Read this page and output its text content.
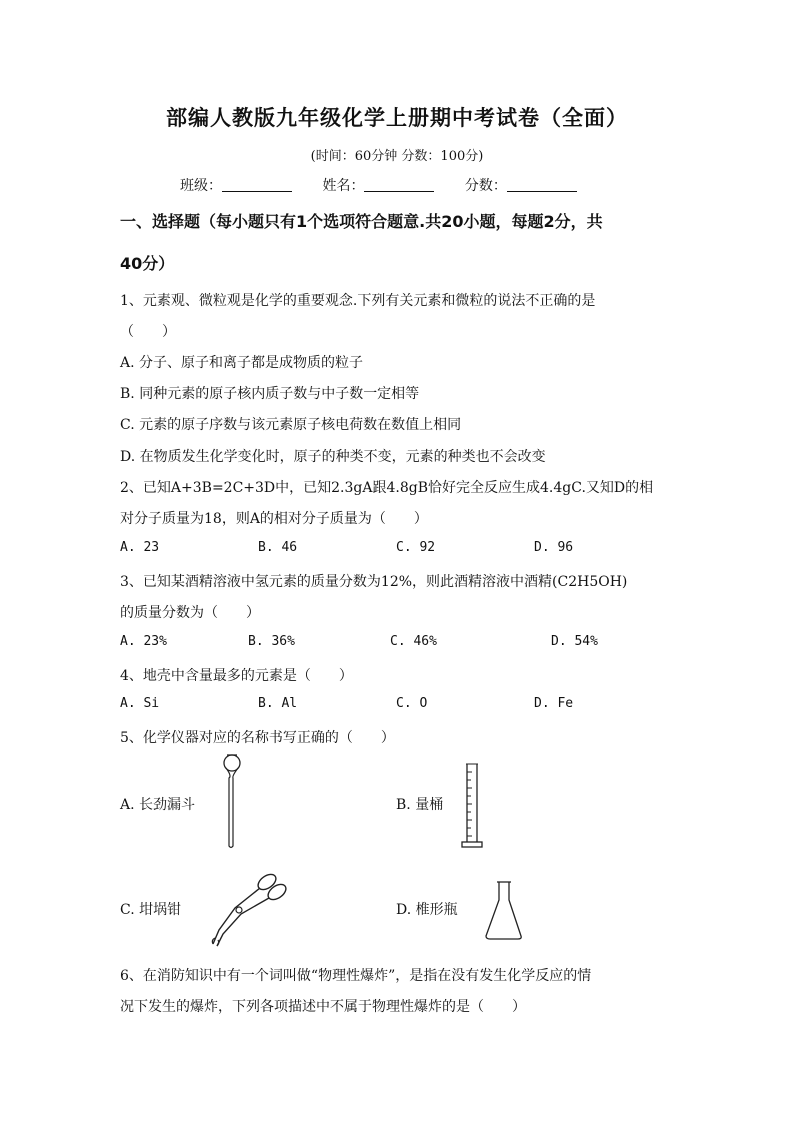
部编人教版九年级化学上册期中考试卷（全面）
(时间：60分钟 分数：100分)
班级：	姓名：	分数：
一、选择题（每小题只有1个选项符合题意.共20小题，每题2分，共
40分）
1、元素观、微粒观是化学的重要观念.下列有关元素和微粒的说法不正确的是
（　　）
A. 分子、原子和离子都是成物质的粒子
B. 同种元素的原子核内质子数与中子数一定相等
C. 元素的原子序数与该元素原子核电荷数在数值上相同
D. 在物质发生化学变化时，原子的种类不变，元素的种类也不会改变
2、已知A+3B=2C+3D中，已知2.3gA跟4.8gB恰好完全反应生成4.4gC.又知D的相
对分子质量为18，则A的相对分子质量为（　　）
A. 23	B. 46	C. 92	D. 96
3、已知某酒精溶液中氢元素的质量分数为12%，则此酒精溶液中酒精(C2H5OH)
的质量分数为（　　）
A. 23%	B. 36%	C. 46%	D. 54%
4、地壳中含量最多的元素是（　　）
A. Si	B. Al	C. O	D. Fe
5、化学仪器对应的名称书写正确的（　　）
A. 长劲漏斗	B. 量桶
C. 坩埚钳	D. 椎形瓶
6、在消防知识中有一个词叫做“物理性爆炸”，是指在没有发生化学反应的情
况下发生的爆炸，下列各项描述中不属于物理性爆炸的是（　　）
